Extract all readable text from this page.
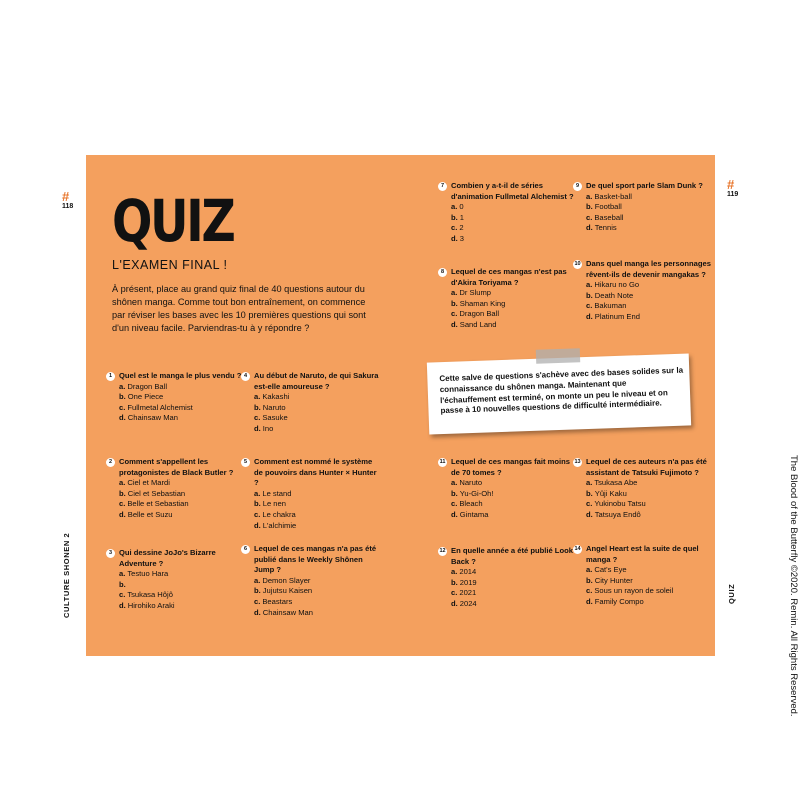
#
118
CULTURE SHONEN 2
#
119
QUIZ	The Blood of the Butterfly ©2020. Remin. All Rights Reserved.
QUIZ
L'EXAMEN FINAL !
À présent, place au grand quiz final de 40 questions autour du shônen manga. Comme tout bon entraînement, on commence par réviser les bases avec les 10 premières questions qui sont d'un niveau facile. Parviendras-tu à y répondre ?
1 Quel est le manga le plus vendu ?
a. Dragon Ball
b. One Piece
c. Fullmetal Alchemist
d. Chainsaw Man
2 Comment s'appellent les protagonistes de Black Butler ?
a. Ciel et Mardi
b. Ciel et Sebastian
c. Belle et Sebastian
d. Belle et Suzu
3 Qui dessine JoJo's Bizarre Adventure ?
a. Testuo Hara
b.
c. Tsukasa Hôjô
d. Hirohiko Araki
4 Au début de Naruto, de qui Sakura est-elle amoureuse ?
a. Kakashi
b. Naruto
c. Sasuke
d. Ino
5 Comment est nommé le système de pouvoirs dans Hunter × Hunter ?
a. Le stand
b. Le nen
c. Le chakra
d. L'alchimie
6 Lequel de ces mangas n'a pas été publié dans le Weekly Shônen Jump ?
a. Demon Slayer
b. Jujutsu Kaisen
c. Beastars
d. Chainsaw Man
7 Combien y a-t-il de séries d'animation Fullmetal Alchemist ?
a. 0
b. 1
c. 2
d. 3
8 Lequel de ces mangas n'est pas d'Akira Toriyama ?
a. Dr Slump
b. Shaman King
c. Dragon Ball
d. Sand Land
9 De quel sport parle Slam Dunk ?
a. Basket-ball
b. Football
c. Baseball
d. Tennis
10 Dans quel manga les personnages rêvent-ils de devenir mangakas ?
a. Hikaru no Go
b. Death Note
c. Bakuman
d. Platinum End
11 Lequel de ces mangas fait moins de 70 tomes ?
a. Naruto
b. Yu-Gi-Oh!
c. Bleach
d. Gintama
12 En quelle année a été publié Look Back ?
a. 2014
b. 2019
c. 2021
d. 2024
13 Lequel de ces auteurs n'a pas été assistant de Tatsuki Fujimoto ?
a. Tsukasa Abe
b. Yûji Kaku
c. Yukinobu Tatsu
d. Tatsuya Endô
14 Angel Heart est la suite de quel manga ?
a. Cat's Eye
b. City Hunter
c. Sous un rayon de soleil
d. Family Compo
Cette salve de questions s'achève avec des bases solides sur la connaissance du shônen manga. Maintenant que l'échauffement est terminé, on monte un peu le niveau et on passe à 10 nouvelles questions de difficulté intermédiaire.
